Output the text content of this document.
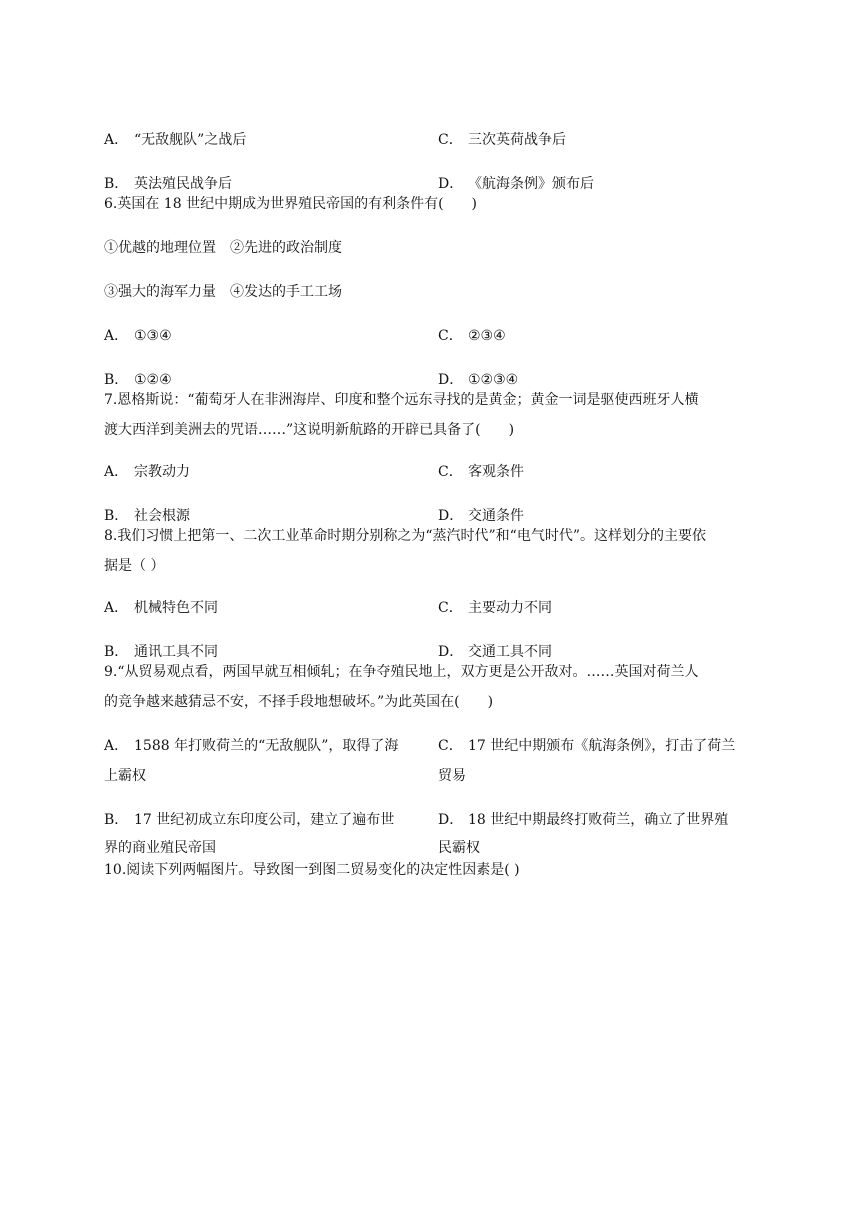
A． “无敌舰队”之战后	C． 三次英荷战争后
B． 英法殖民战争后	D． 《航海条例》颁布后
6.英国在 18 世纪中期成为世界殖民帝国的有利条件有(　　)
①优越的地理位置　②先进的政治制度
③强大的海军力量　④发达的手工工场
A． ①③④	C． ②③④
B． ①②④	D． ①②③④
7.恩格斯说：“葡萄牙人在非洲海岸、印度和整个远东寻找的是黄金；黄金一词是驱使西班牙人横
渡大西洋到美洲去的咒语……”这说明新航路的开辟已具备了(　　)
A． 宗教动力	C． 客观条件
B． 社会根源	D． 交通条件
8.我们习惯上把第一、二次工业革命时期分别称之为“蒸汽时代”和“电气时代”。这样划分的主要依
据是（ ）
A． 机械特色不同	C． 主要动力不同
B． 通讯工具不同	D． 交通工具不同
9.“从贸易观点看，两国早就互相倾轧；在争夺殖民地上，双方更是公开敌对。……英国对荷兰人
的竞争越来越猜忌不安，不择手段地想破坏。”为此英国在(　　)
A． 1588 年打败荷兰的“无敌舰队”，取得了海
上霸权
C． 17 世纪中期颁布《航海条例》，打击了荷兰
贸易
B． 17 世纪初成立东印度公司，建立了遍布世
界的商业殖民帝国
D． 18 世纪中期最终打败荷兰，确立了世界殖
民霸权
10.阅读下列两幅图片。导致图一到图二贸易变化的决定性因素是( )
